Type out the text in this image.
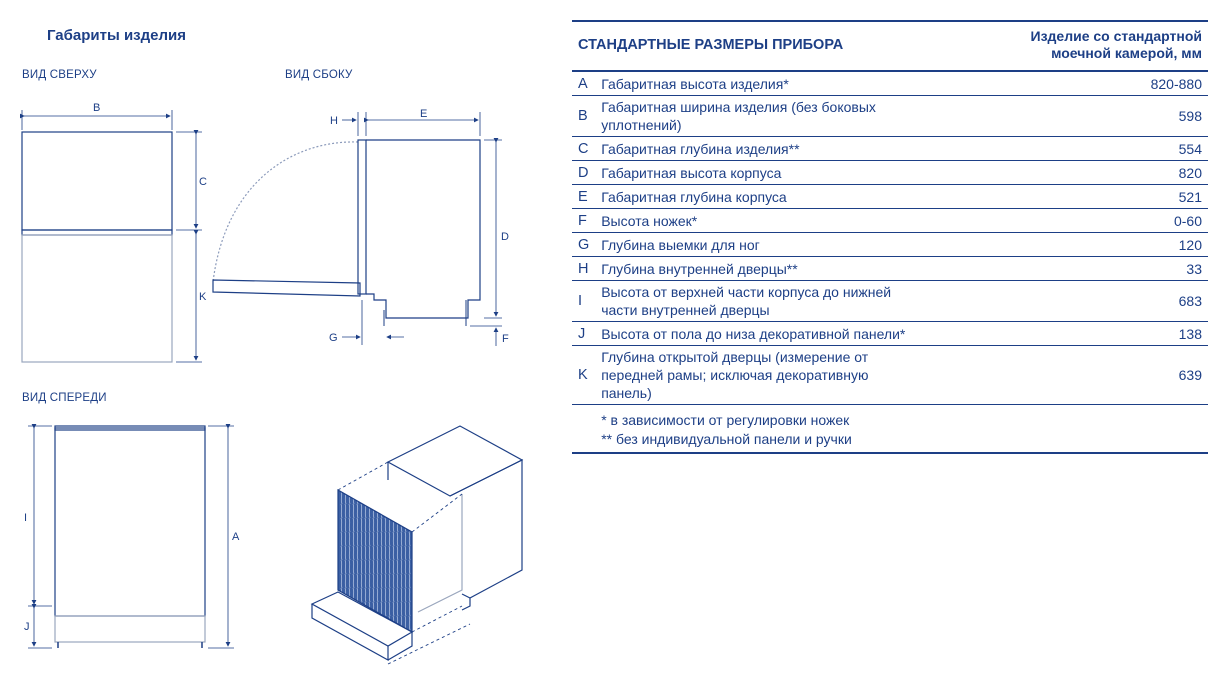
Габариты изделия
ВИД СВЕРХУ	ВИД СБОКУ
ВИД СПЕРЕДИ
B
C
K
H
E
D
F
G
I
J
A
СТАНДАРТНЫЕ РАЗМЕРЫ ПРИБОРА		Изделие со стандартной
моечной камерой, мм
A	Габаритная высота изделия*	820-880
B	Габаритная ширина изделия (без боковых уплотнений)	598
C	Габаритная глубина изделия**	554
D	Габаритная высота корпуса	820
E	Габаритная глубина корпуса	521
F	Высота ножек*	0-60
G	Глубина выемки для ног	120
H	Глубина внутренней дверцы**	33
I	Высота от верхней части корпуса до нижней части внутренней дверцы	683
J	Высота от пола до низа декоративной панели*	138
K	Глубина открытой дверцы (измерение от передней рамы; исключая декоративную панель)	639
	* в зависимости от регулировки ножек
** без индивидуальной панели и ручки	
